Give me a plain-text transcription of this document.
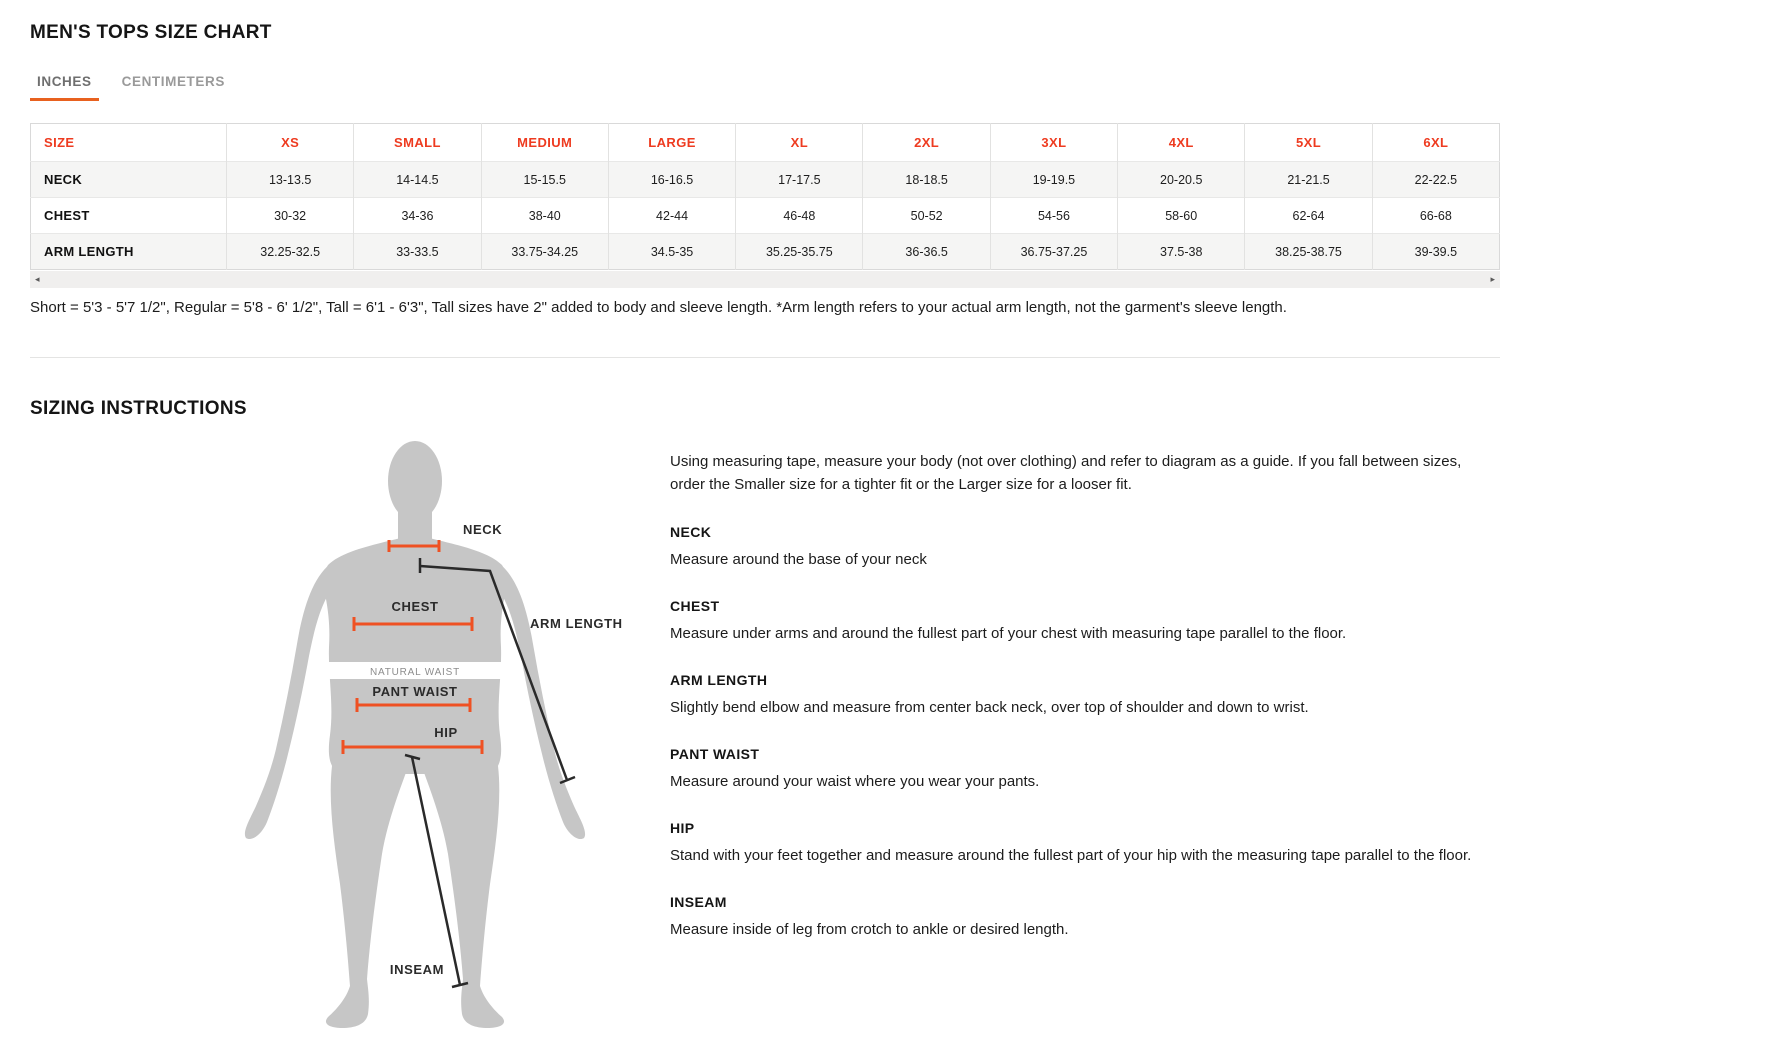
MEN'S TOPS SIZE CHART
INCHES	CENTIMETERS
SIZE	XS	SMALL	MEDIUM	LARGE	XL	2XL	3XL	4XL	5XL	6XL
NECK	13-13.5	14-14.5	15-15.5	16-16.5	17-17.5	18-18.5	19-19.5	20-20.5	21-21.5	22-22.5
CHEST	30-32	34-36	38-40	42-44	46-48	50-52	54-56	58-60	62-64	66-68
ARM LENGTH	32.25-32.5	33-33.5	33.75-34.25	34.5-35	35.25-35.75	36-36.5	36.75-37.25	37.5-38	38.25-38.75	39-39.5
◂	▸

Short = 5'3 - 5'7 1/2", Regular = 5'8 - 6' 1/2", Tall = 6'1 - 6'3", Tall sizes have 2" added to body and sleeve length. *Arm length refers to your actual arm length, not the garment's sleeve length.

SIZING INSTRUCTIONS
NATURAL WAIST
NECK
CHEST
ARM LENGTH
PANT WAIST
HIP
INSEAM

Using measuring tape, measure your body (not over clothing) and refer to diagram as a guide. If you fall between sizes, order the Smaller size for a tighter fit or the Larger size for a looser fit.

NECK

Measure around the base of your neck

CHEST

Measure under arms and around the fullest part of your chest with measuring tape parallel to the floor.

ARM LENGTH

Slightly bend elbow and measure from center back neck, over top of shoulder and down to wrist.

PANT WAIST

Measure around your waist where you wear your pants.

HIP

Stand with your feet together and measure around the fullest part of your hip with the measuring tape parallel to the floor.

INSEAM

Measure inside of leg from crotch to ankle or desired length.
